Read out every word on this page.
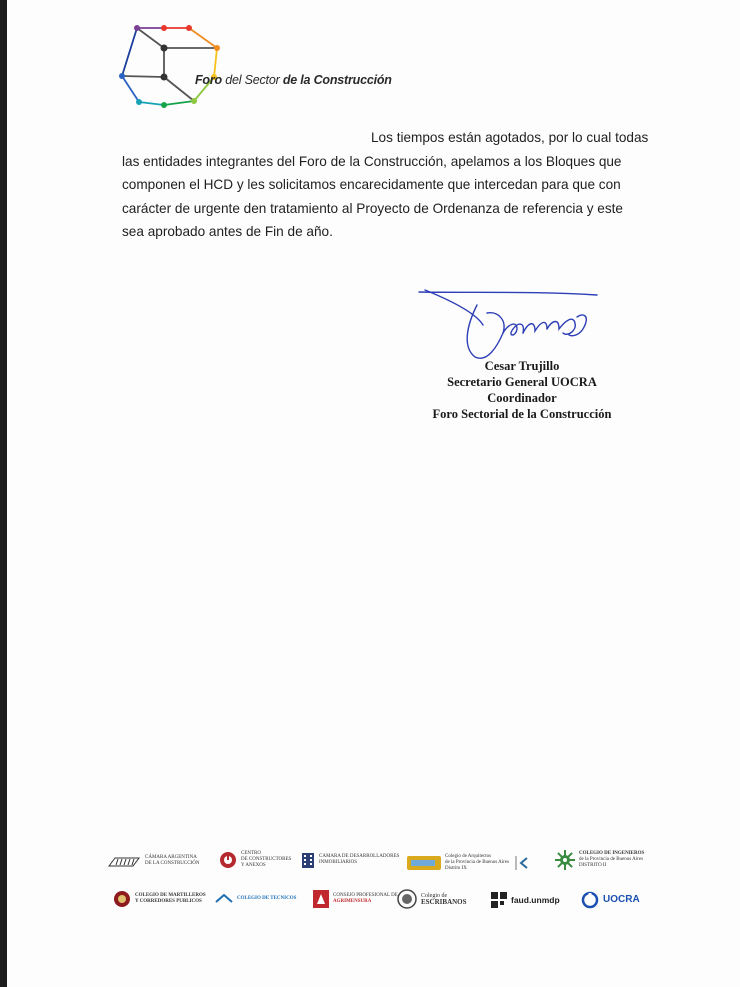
Foro del Sector de la Construcción
Los tiempos están agotados, por lo cual todas
las entidades integrantes del Foro de la Construcción, apelamos a los Bloques que
componen el HCD y les solicitamos encarecidamente que intercedan para que con
carácter de urgente den tratamiento al Proyecto de Ordenanza de referencia y este
sea aprobado antes de Fin de año.
Cesar Trujillo
Secretario General UOCRA
Coordinador
Foro Sectorial de la Construcción
CÁMARA ARGENTINA
DE LA CONSTRUCCIÓN
CENTRO
DE CONSTRUCTORES
Y ANEXOS
CAMARA DE DESARROLLADORES
INMOBILIARIOS
Colegio de Arquitectos
de la Provincia de Buenos Aires
Distrito IX
COLEGIO DE INGENIEROS
de la Provincia de Buenos Aires
DISTRITO II
COLEGIO DE MARTILLEROS
Y CORREDORES PUBLICOS
COLEGIO DE TECNICOS
CONSEJO PROFESIONAL DE
AGRIMENSURA
Colegio de
ESCRIBANOS	faud.unmdp	UOCRA
